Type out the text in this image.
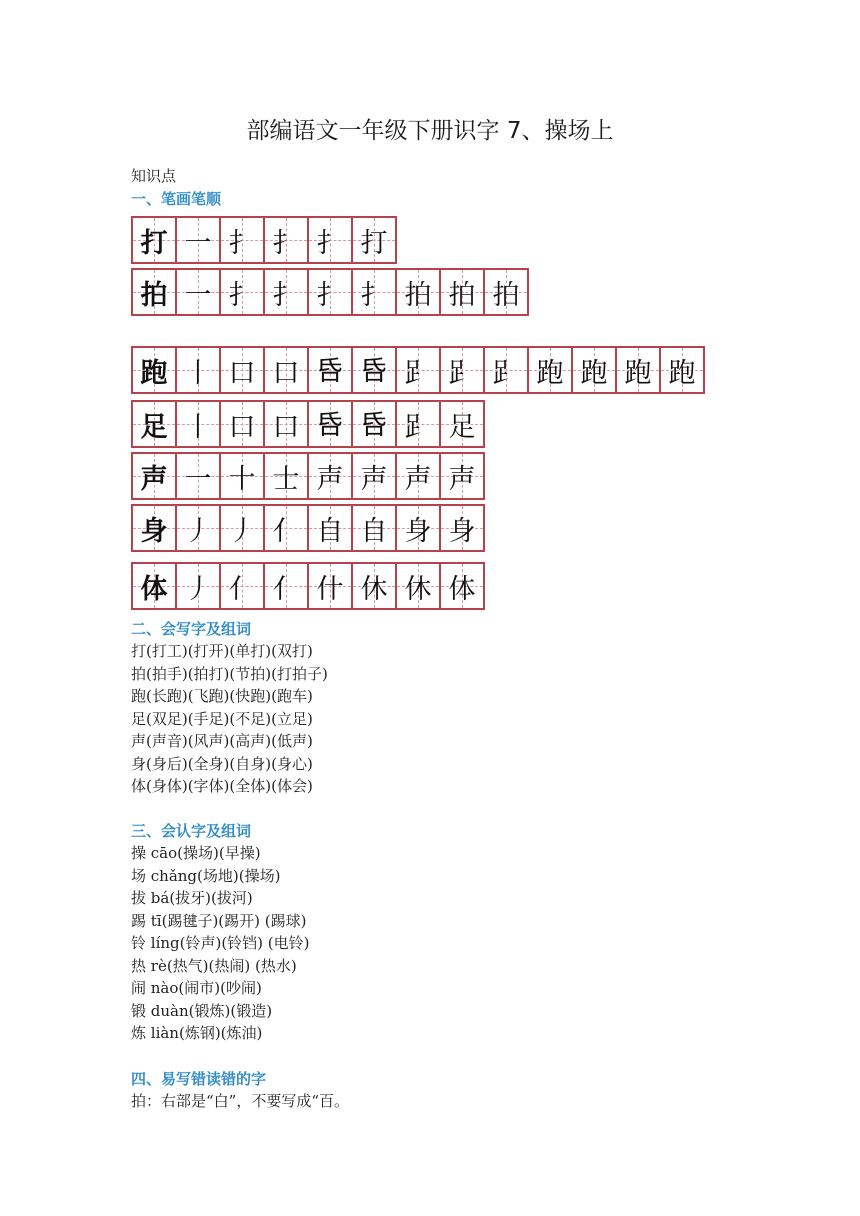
部编语文一年级下册识字 7、操场上
知识点
一、笔画笔顺
打 一 扌 扌 扌 打
拍 一 扌 扌 扌 扌 拍 拍 拍
跑 丨 口 口 𠯑 𠯑 𧾷 𧾷 𧾷 跑 跑 跑 跑
足 丨 口 口 𠯑 𠯑 𧾷 足
声 一 十 士 声 声 声 声
身 丿 丿 亻 自 自 身 身
体 丿 亻 亻 什 休 休 体
二、会写字及组词
打(打工)(打开)(单打)(双打)
拍(拍手)(拍打)(节拍)(打拍子)
跑(长跑)(飞跑)(快跑)(跑车)
足(双足)(手足)(不足)(立足)
声(声音)(风声)(高声)(低声)
身(身后)(全身)(自身)(身心)
体(身体)(字体)(全体)(体会)
三、会认字及组词
操 cāo(操场)(早操)
场 chǎng(场地)(操场)
拔 bá(拔牙)(拔河)
踢 tī(踢毽子)(踢开) (踢球)
铃 líng(铃声)(铃铛) (电铃)
热 rè(热气)(热闹) (热水)
闹 nào(闹市)(吵闹)
锻 duàn(锻炼)(锻造)
炼 liàn(炼钢)(炼油)
四、易写错读错的字
拍：右部是“白”，不要写成“百。
